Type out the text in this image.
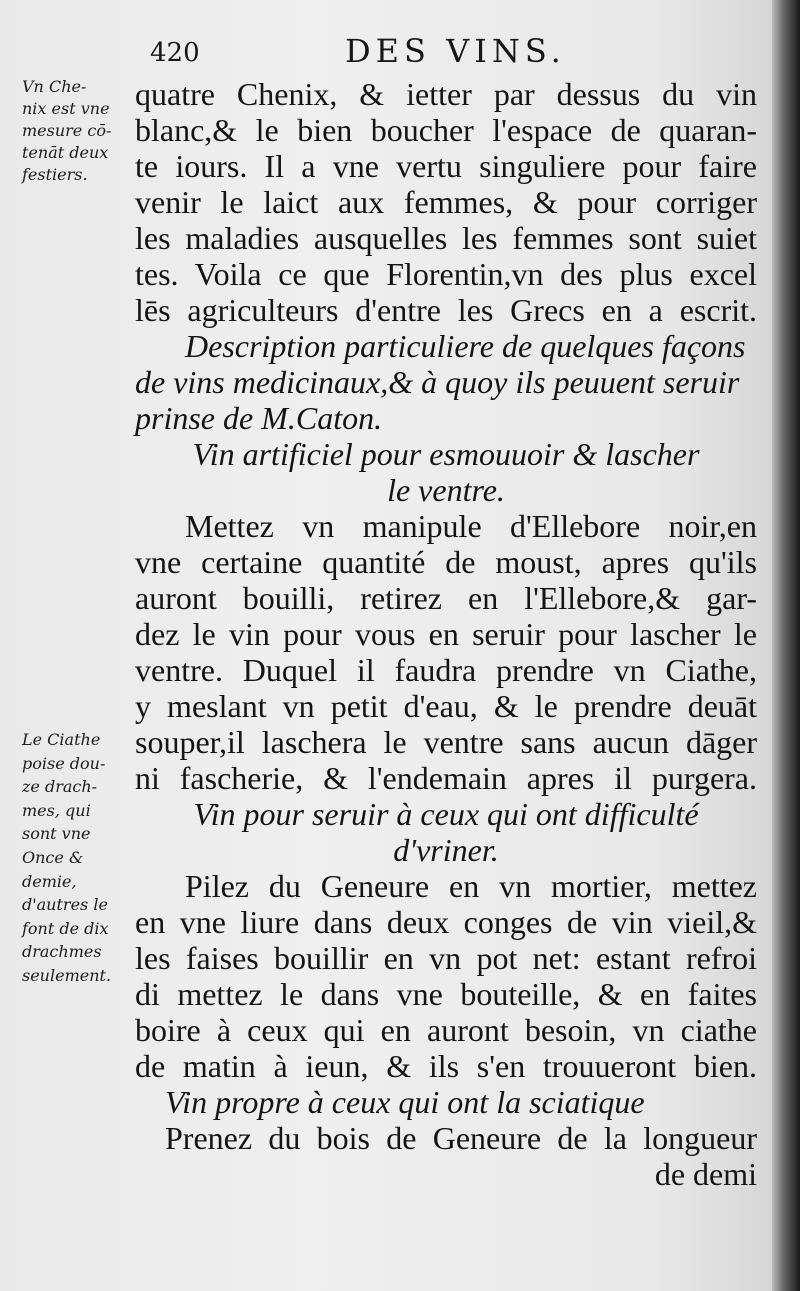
420	DES VINS.
Vn Che-
nix est vne
mesure cō-
tenāt deux
festiers.
Le Ciathe
poise dou-
ze drach-
mes, qui
sont vne
Once &
demie,
d'autres le
font de dix
drachmes
seulement.
quatre Chenix, & ietter par dessus du vin
blanc,& le bien boucher l'espace de quaran-
te iours. Il a vne vertu singuliere pour faire
venir le laict aux femmes, & pour corriger
les maladies ausquelles les femmes sont suiet
tes. Voila ce que Florentin,vn des plus excel
lēs agriculteurs d'entre les Grecs en a escrit.
Description particuliere de quelques façons
de vins medicinaux,& à quoy ils peuuent seruir
prinse de M.Caton.
Vin artificiel pour esmouuoir & lascher
le ventre.
Mettez vn manipule d'Ellebore noir,en
vne certaine quantité de moust, apres qu'ils
auront bouilli, retirez en l'Ellebore,& gar-
dez le vin pour vous en seruir pour lascher le
ventre. Duquel il faudra prendre vn Ciathe,
y meslant vn petit d'eau, & le prendre deuāt
souper,il laschera le ventre sans aucun dāger
ni fascherie, & l'endemain apres il purgera.
Vin pour seruir à ceux qui ont difficulté
d'vriner.
Pilez du Geneure en vn mortier, mettez
en vne liure dans deux conges de vin vieil,&
les faises bouillir en vn pot net: estant refroi
di mettez le dans vne bouteille, & en faites
boire à ceux qui en auront besoin, vn ciathe
de matin à ieun, & ils s'en trouueront bien.
Vin propre à ceux qui ont la sciatique
Prenez du bois de Geneure de la longueur
de demi
